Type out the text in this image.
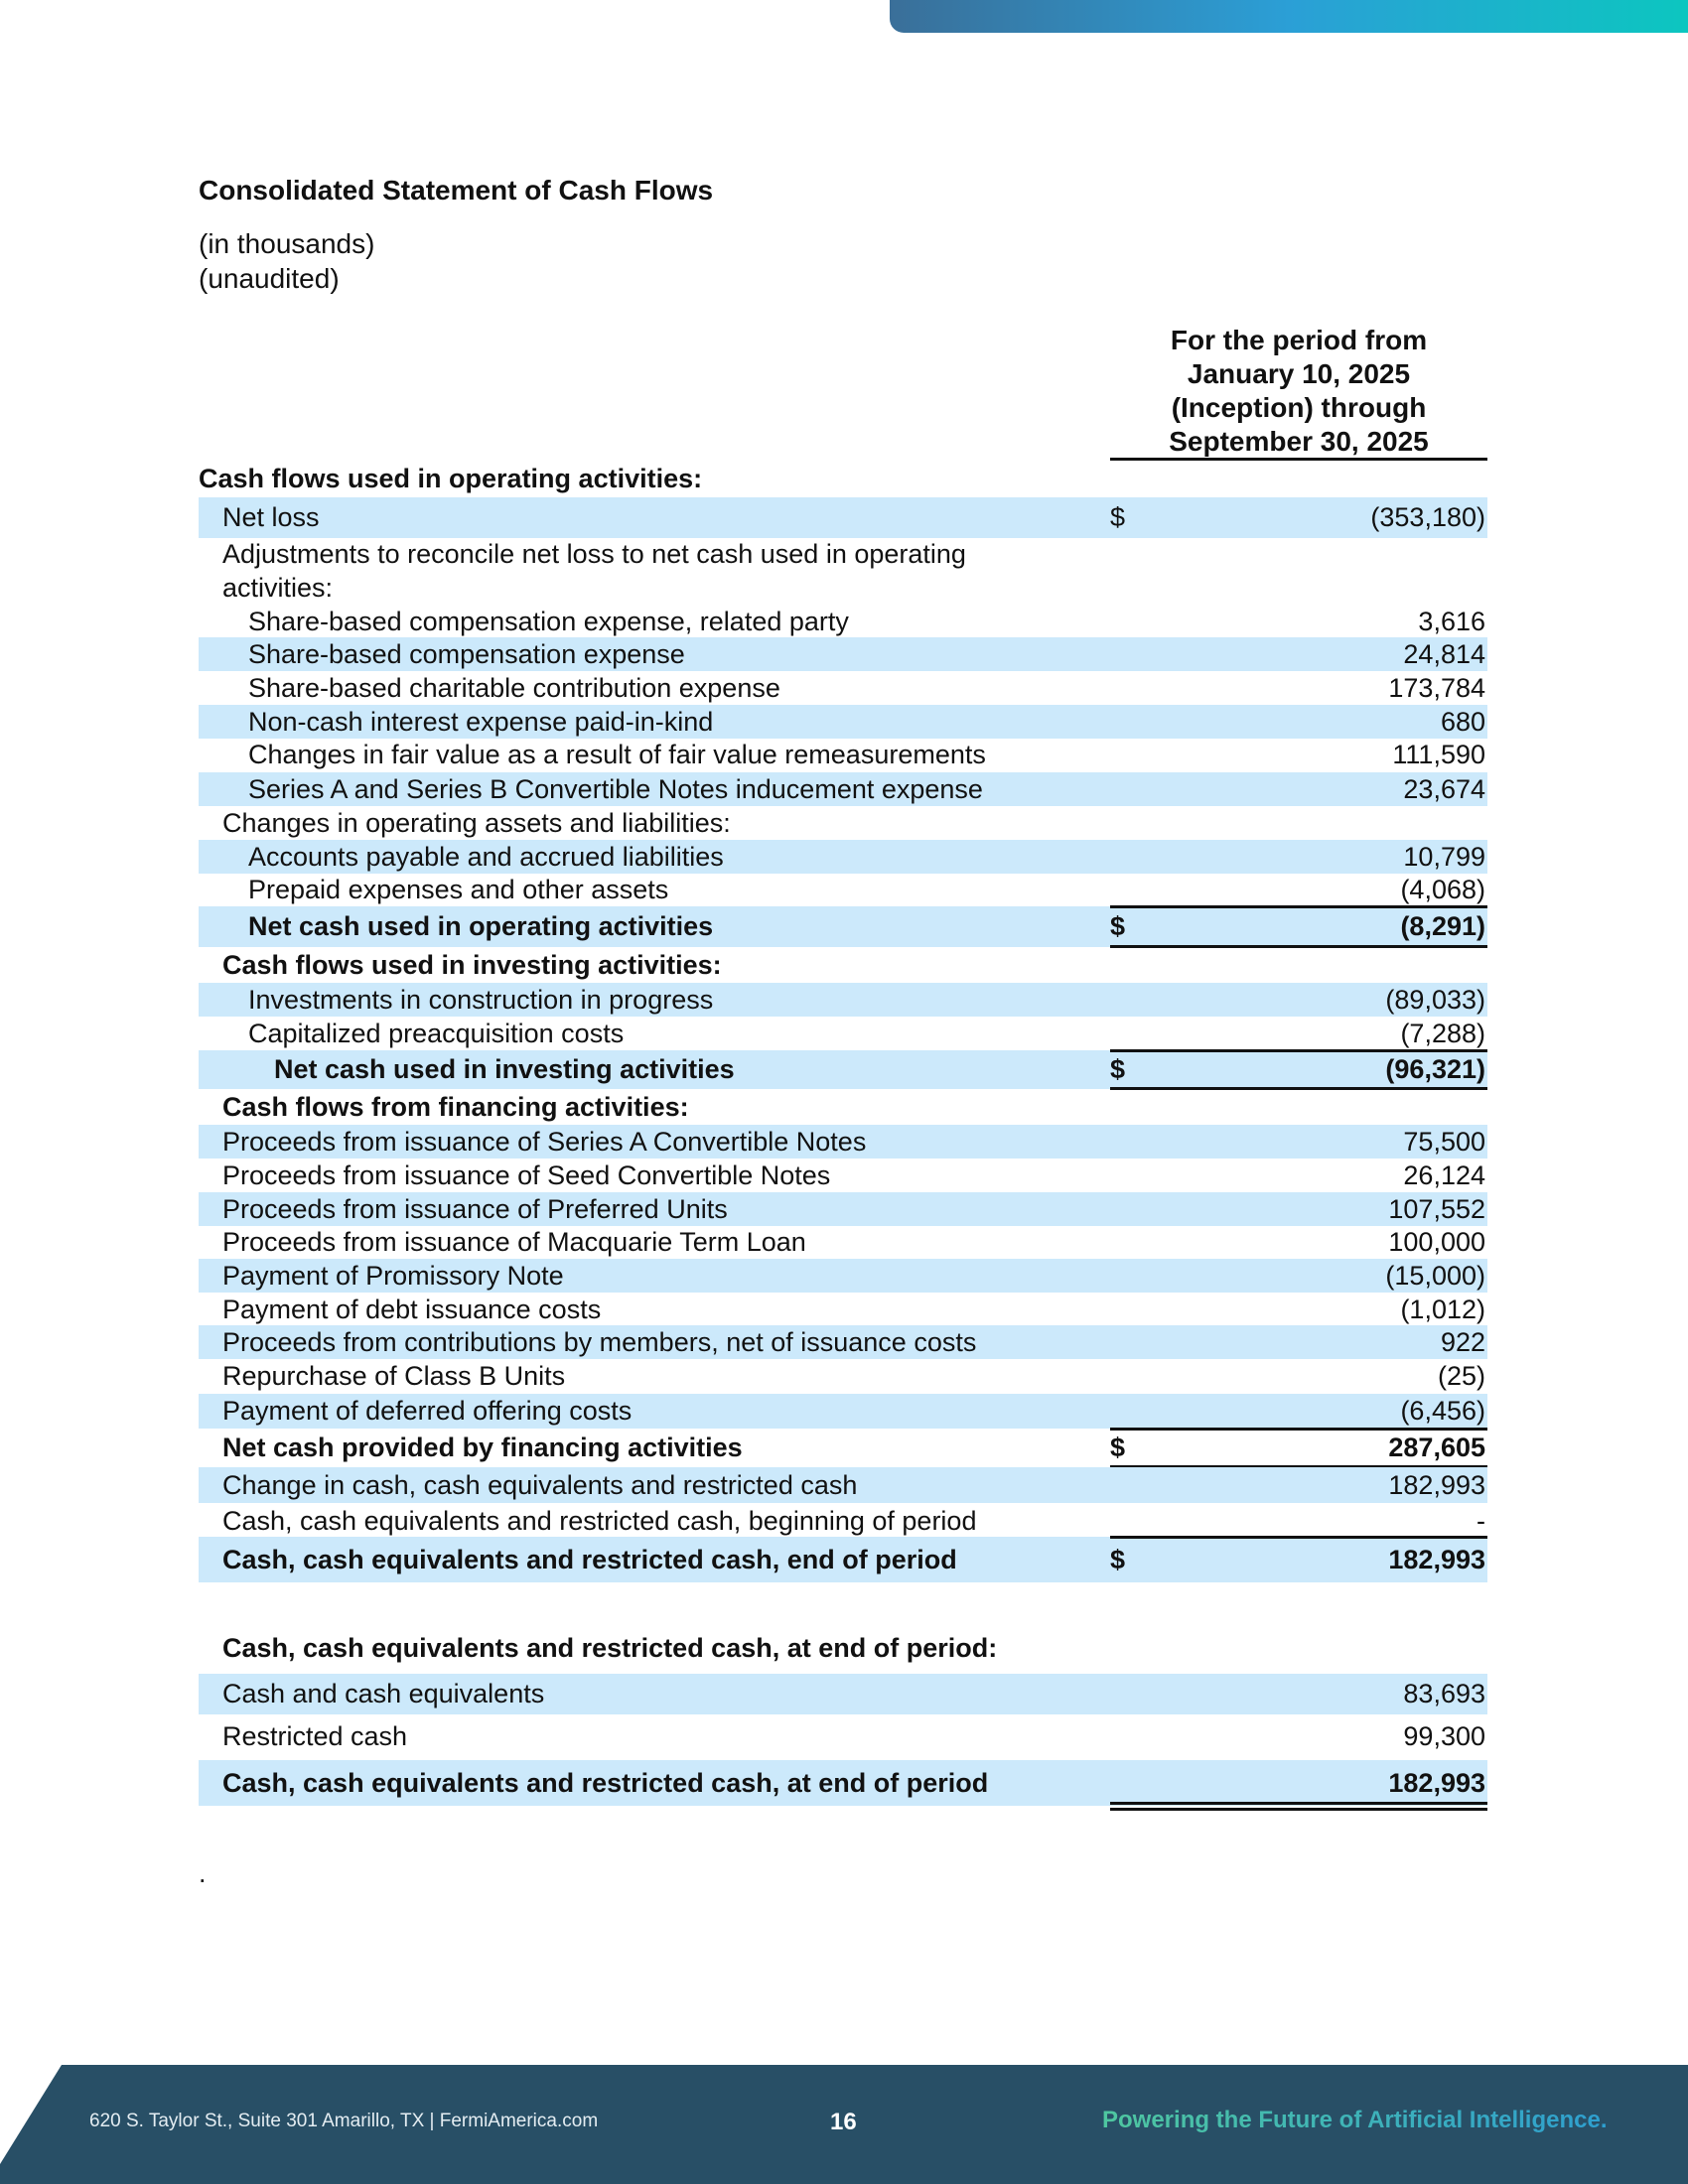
Consolidated Statement of Cash Flows
(in thousands)
(unaudited)
For the period from
January 10, 2025
(Inception) through
September 30, 2025
Cash flows used in operating activities:
Net loss	$	(353,180)
Adjustments to reconcile net loss to net cash used in operating
activities:
Share-based compensation expense, related party	3,616
Share-based compensation expense	24,814
Share-based charitable contribution expense	173,784
Non-cash interest expense paid-in-kind	680
Changes in fair value as a result of fair value remeasurements	111,590
Series A and Series B Convertible Notes inducement expense	23,674
Changes in operating assets and liabilities:
Accounts payable and accrued liabilities	10,799
Prepaid expenses and other assets	(4,068)
Net cash used in operating activities	$	(8,291)
Cash flows used in investing activities:
Investments in construction in progress	(89,033)
Capitalized preacquisition costs	(7,288)
Net cash used in investing activities	$	(96,321)
Cash flows from financing activities:
Proceeds from issuance of Series A Convertible Notes	75,500
Proceeds from issuance of Seed Convertible Notes	26,124
Proceeds from issuance of Preferred Units	107,552
Proceeds from issuance of Macquarie Term Loan	100,000
Payment of Promissory Note	(15,000)
Payment of debt issuance costs	(1,012)
Proceeds from contributions by members, net of issuance costs	922
Repurchase of Class B Units	(25)
Payment of deferred offering costs	(6,456)
Net cash provided by financing activities	$	287,605
Change in cash, cash equivalents and restricted cash	182,993
Cash, cash equivalents and restricted cash, beginning of period	-
Cash, cash equivalents and restricted cash, end of period	$	182,993
Cash, cash equivalents and restricted cash, at end of period:
Cash and cash equivalents	83,693
Restricted cash	99,300
Cash, cash equivalents and restricted cash, at end of period	182,993
.
620 S. Taylor St., Suite 301 Amarillo, TX | FermiAmerica.com	16	Powering the Future of Artificial Intelligence.
